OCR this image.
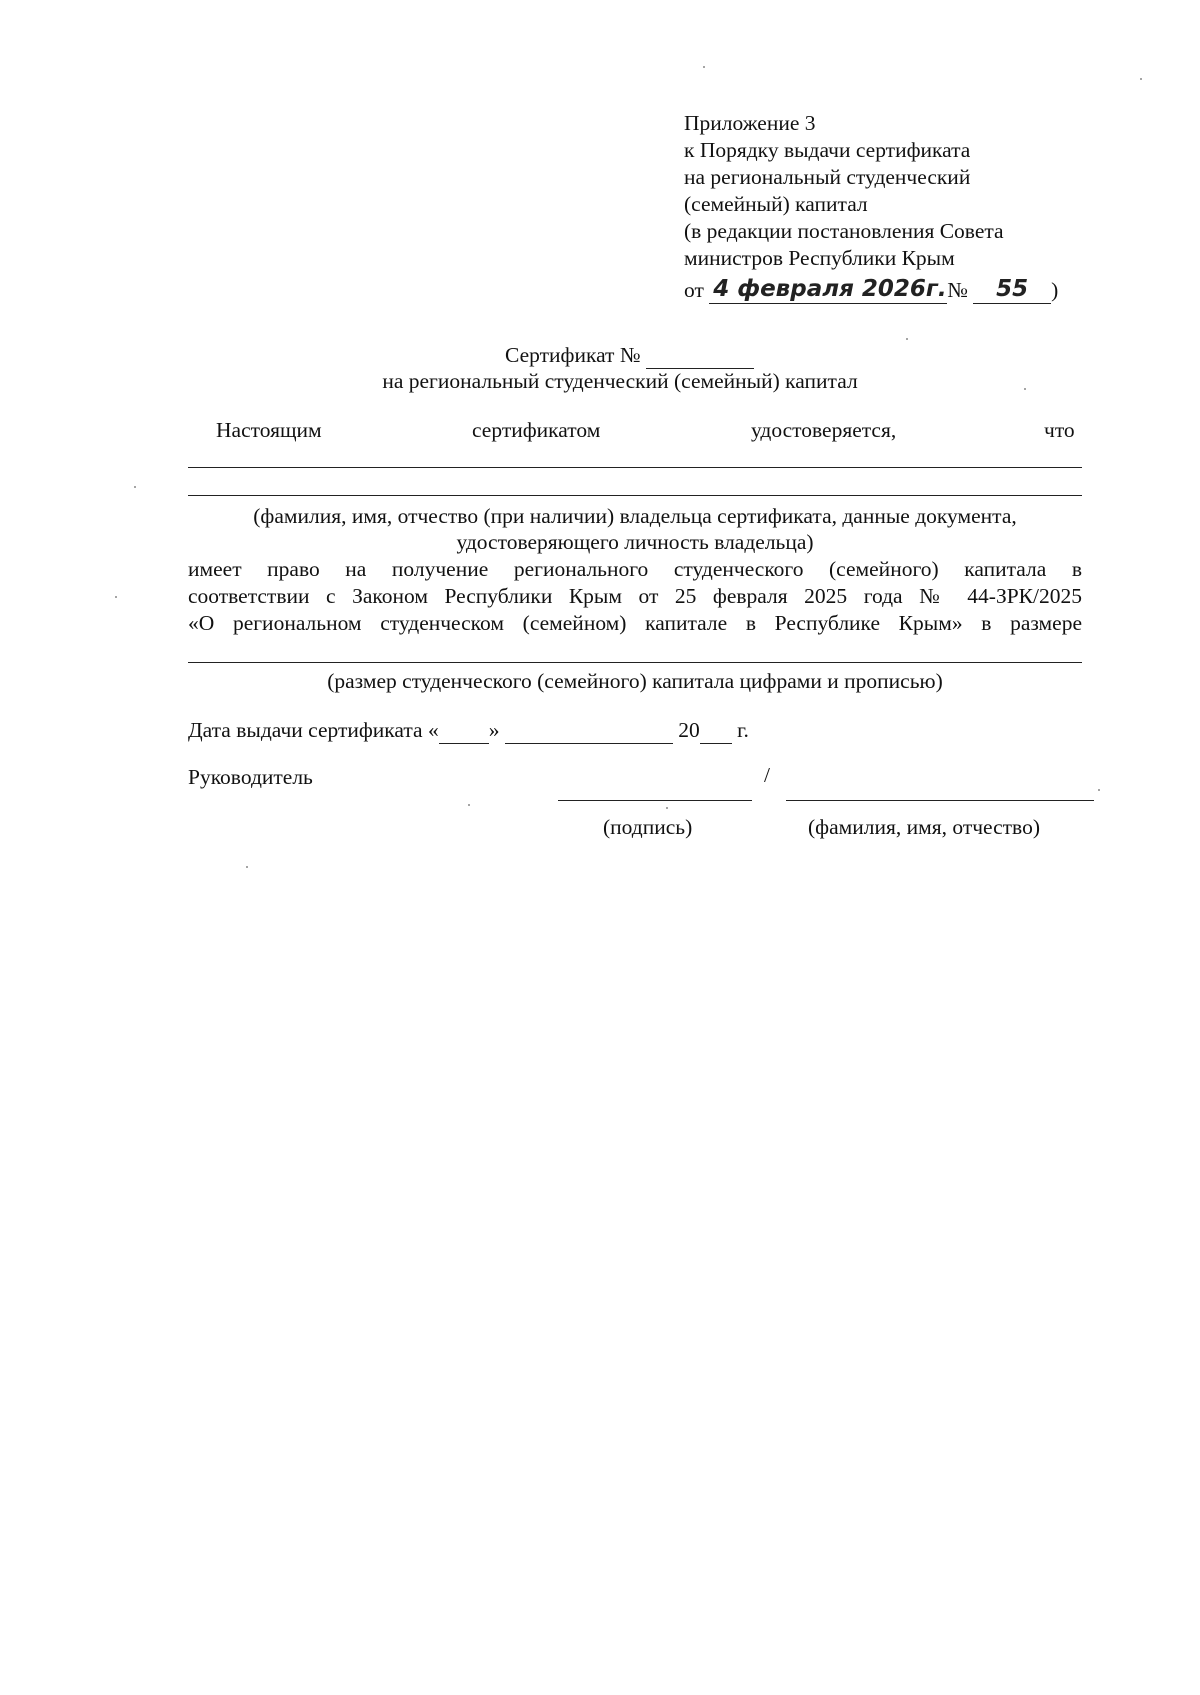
Приложение 3
к Порядку выдачи сертификата
на региональный студенческий
(семейный) капитал
(в редакции постановления Совета
министров Республики Крым
от 4 февраля 2026г.№ 55 )
Сертификат №
на региональный студенческий (семейный) капитал
Настоящим	сертификатом	удостоверяется,	что
(фамилия, имя, отчество (при наличии) владельца сертификата, данные документа,
удостоверяющего личность владельца)
имеет право на получение регионального студенческого (семейного) капитала в
соответствии с Законом Республики Крым от 25 февраля 2025 года № 44-ЗРК/2025
«О региональном студенческом (семейном) капитале в Республике Крым» в размере
(размер студенческого (семейного) капитала цифрами и прописью)
Дата выдачи сертификата « »	20 г.
Руководитель	/
(подпись)	(фамилия, имя, отчество)
